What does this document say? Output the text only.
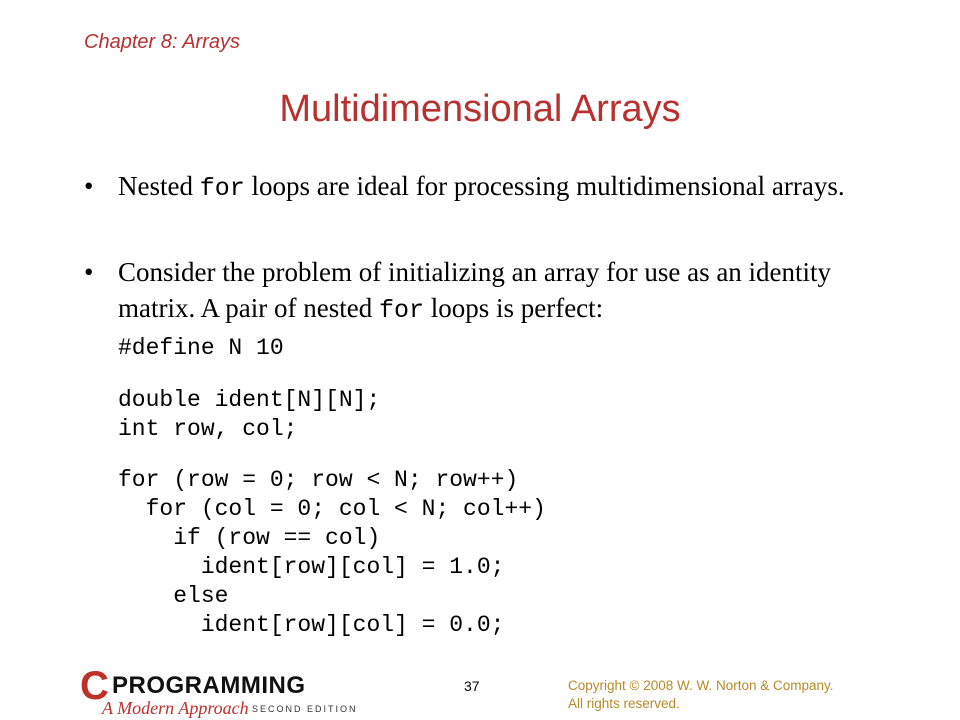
Chapter 8: Arrays
Multidimensional Arrays
• Nested for loops are ideal for processing multidimensional arrays.
• Consider the problem of initializing an array for use as an identity matrix. A pair of nested for loops is perfect:
#define N 10
double ident[N][N];
int row, col;
for (row = 0; row < N; row++)
for (col = 0; col < N; col++)
if (row == col)
ident[row][col] = 1.0;
else
ident[row][col] = 0.0;
C PROGRAMMING
A Modern Approach SECOND EDITION
37	Copyright © 2008 W. W. Norton & Company.
All rights reserved.
